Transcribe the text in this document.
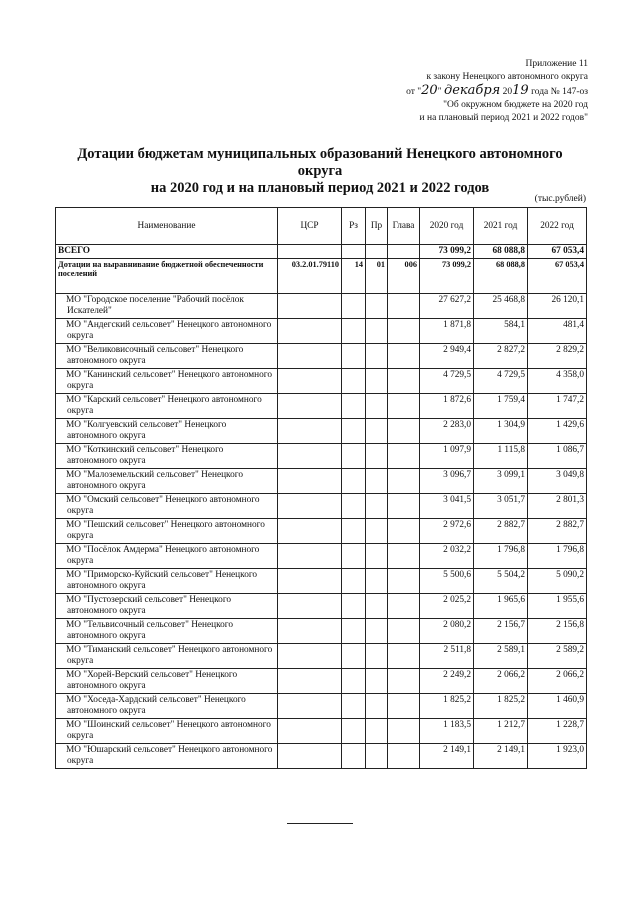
Приложение 11
к закону Ненецкого автономного округа
от "20" декабря 2019 года № 147-оз
"Об окружном бюджете на 2020 год
и на плановый период 2021 и 2022 годов"
Дотации бюджетам муниципальных образований Ненецкого автономного округа
на 2020 год и на плановый период 2021 и 2022 годов
(тыс.рублей)
Наименование	ЦСР	Рз	Пр	Глава	2020 год	2021 год	2022 год
ВСЕГО					73 099,2	68 088,8	67 053,4
Дотации на выравнивание бюджетной обеспеченности поселений	03.2.01.79110	14	01	006	73 099,2	68 088,8	67 053,4
МО "Городское поселение "Рабочий посёлок Искателей"					27 627,2	25 468,8	26 120,1
МО "Андегский сельсовет" Ненецкого автономного округа					1 871,8	584,1	481,4
МО "Великовисочный сельсовет" Ненецкого автономного округа					2 949,4	2 827,2	2 829,2
МО "Канинский сельсовет" Ненецкого автономного округа					4 729,5	4 729,5	4 358,0
МО "Карский сельсовет" Ненецкого автономного округа					1 872,6	1 759,4	1 747,2
МО "Колгуевский сельсовет" Ненецкого автономного округа					2 283,0	1 304,9	1 429,6
МО "Коткинский сельсовет" Ненецкого автономного округа					1 097,9	1 115,8	1 086,7
МО "Малоземельский сельсовет" Ненецкого автономного округа					3 096,7	3 099,1	3 049,8
МО "Омский сельсовет" Ненецкого автономного округа					3 041,5	3 051,7	2 801,3
МО "Пешский сельсовет" Ненецкого автономного округа					2 972,6	2 882,7	2 882,7
МО "Посёлок Амдерма" Ненецкого автономного округа					2 032,2	1 796,8	1 796,8
МО "Приморско-Куйский сельсовет" Ненецкого автономного округа					5 500,6	5 504,2	5 090,2
МО "Пустозерский сельсовет" Ненецкого автономного округа					2 025,2	1 965,6	1 955,6
МО "Тельвисочный сельсовет" Ненецкого автономного округа					2 080,2	2 156,7	2 156,8
МО "Тиманский сельсовет" Ненецкого автономного округа					2 511,8	2 589,1	2 589,2
МО "Хорей-Верский сельсовет" Ненецкого автономного округа					2 249,2	2 066,2	2 066,2
МО "Хоседа-Хардский сельсовет" Ненецкого автономного округа					1 825,2	1 825,2	1 460,9
МО "Шоинский сельсовет" Ненецкого автономного округа					1 183,5	1 212,7	1 228,7
МО "Юшарский сельсовет" Ненецкого автономного округа					2 149,1	2 149,1	1 923,0
